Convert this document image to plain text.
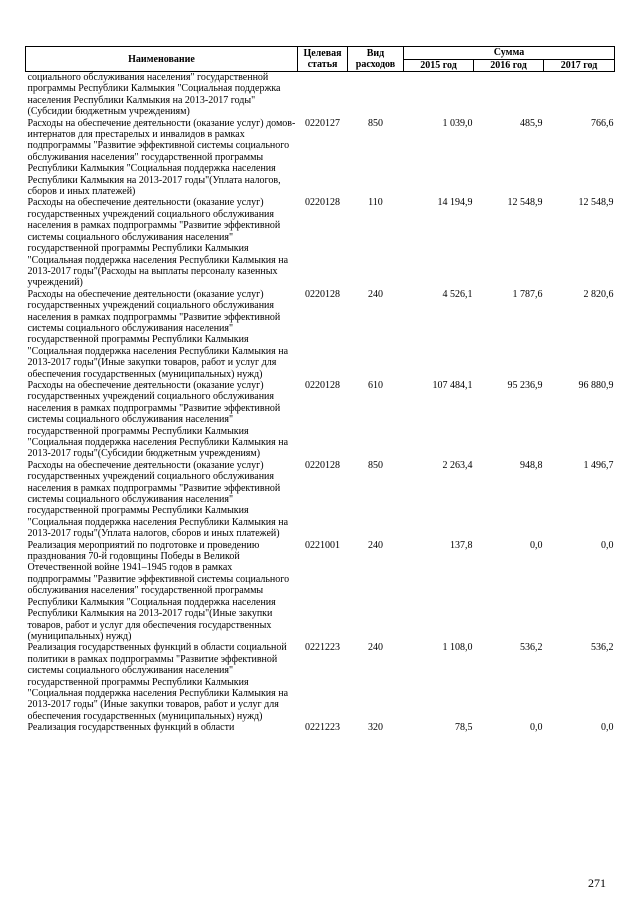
Наименование	Целевая статья	Вид расходов	Сумма		
			2015 год	2016 год	2017 год
социального обслуживания населения" государственной программы Республики Калмыкия "Социальная поддержка населения Республики Калмыкия на 2013-2017 годы"(Субсидии бюджетным учреждениям)					
Расходы на обеспечение деятельности (оказание услуг) домов-интернатов для престарелых и инвалидов в рамках подпрограммы "Развитие эффективной системы социального обслуживания населения" государственной программы Республики Калмыкия "Социальная поддержка населения Республики Калмыкия на 2013-2017 годы"(Уплата налогов, сборов и иных платежей)	0220127	850	1 039,0	485,9	766,6
Расходы на обеспечение деятельности (оказание услуг) государственных учреждений социального обслуживания населения в рамках подпрограммы "Развитие эффективной системы социального обслуживания населения" государственной программы Республики Калмыкия "Социальная поддержка населения Республики Калмыкия на 2013-2017 годы"(Расходы на выплаты персоналу казенных учреждений)	0220128	110	14 194,9	12 548,9	12 548,9
Расходы на обеспечение деятельности (оказание услуг) государственных учреждений социального обслуживания населения в рамках подпрограммы "Развитие эффективной системы социального обслуживания населения" государственной программы Республики Калмыкия "Социальная поддержка населения Республики Калмыкия на 2013-2017 годы"(Иные закупки товаров, работ и услуг для обеспечения государственных (муниципальных) нужд)	0220128	240	4 526,1	1 787,6	2 820,6
Расходы на обеспечение деятельности (оказание услуг) государственных учреждений социального обслуживания населения в рамках подпрограммы "Развитие эффективной системы социального обслуживания населения" государственной программы Республики Калмыкия "Социальная поддержка населения Республики Калмыкия на 2013-2017 годы"(Субсидии бюджетным учреждениям)	0220128	610	107 484,1	95 236,9	96 880,9
Расходы на обеспечение деятельности (оказание услуг) государственных учреждений социального обслуживания населения в рамках подпрограммы "Развитие эффективной системы социального обслуживания населения" государственной программы Республики Калмыкия "Социальная поддержка населения Республики Калмыкия на 2013-2017 годы"(Уплата налогов, сборов и иных платежей)	0220128	850	2 263,4	948,8	1 496,7
Реализация мероприятий по подготовке и проведению празднования 70-й годовщины Победы в Великой Отечественной войне 1941–1945 годов в рамках подпрограммы "Развитие эффективной системы социального обслуживания населения" государственной программы Республики Калмыкия "Социальная поддержка населения Республики Калмыкия на 2013-2017 годы"(Иные закупки товаров, работ и услуг для обеспечения государственных (муниципальных) нужд)	0221001	240	137,8	0,0	0,0
Реализация государственных функций в области социальной политики в рамках подпрограммы "Развитие эффективной системы социального обслуживания населения" государственной программы Республики Калмыкия "Социальная поддержка населения Республики Калмыкия на 2013-2017 годы" (Иные закупки товаров, работ и услуг для обеспечения государственных (муниципальных) нужд)	0221223	240	1 108,0	536,2	536,2
Реализация государственных функций в области	0221223	320	78,5	0,0	0,0
271
